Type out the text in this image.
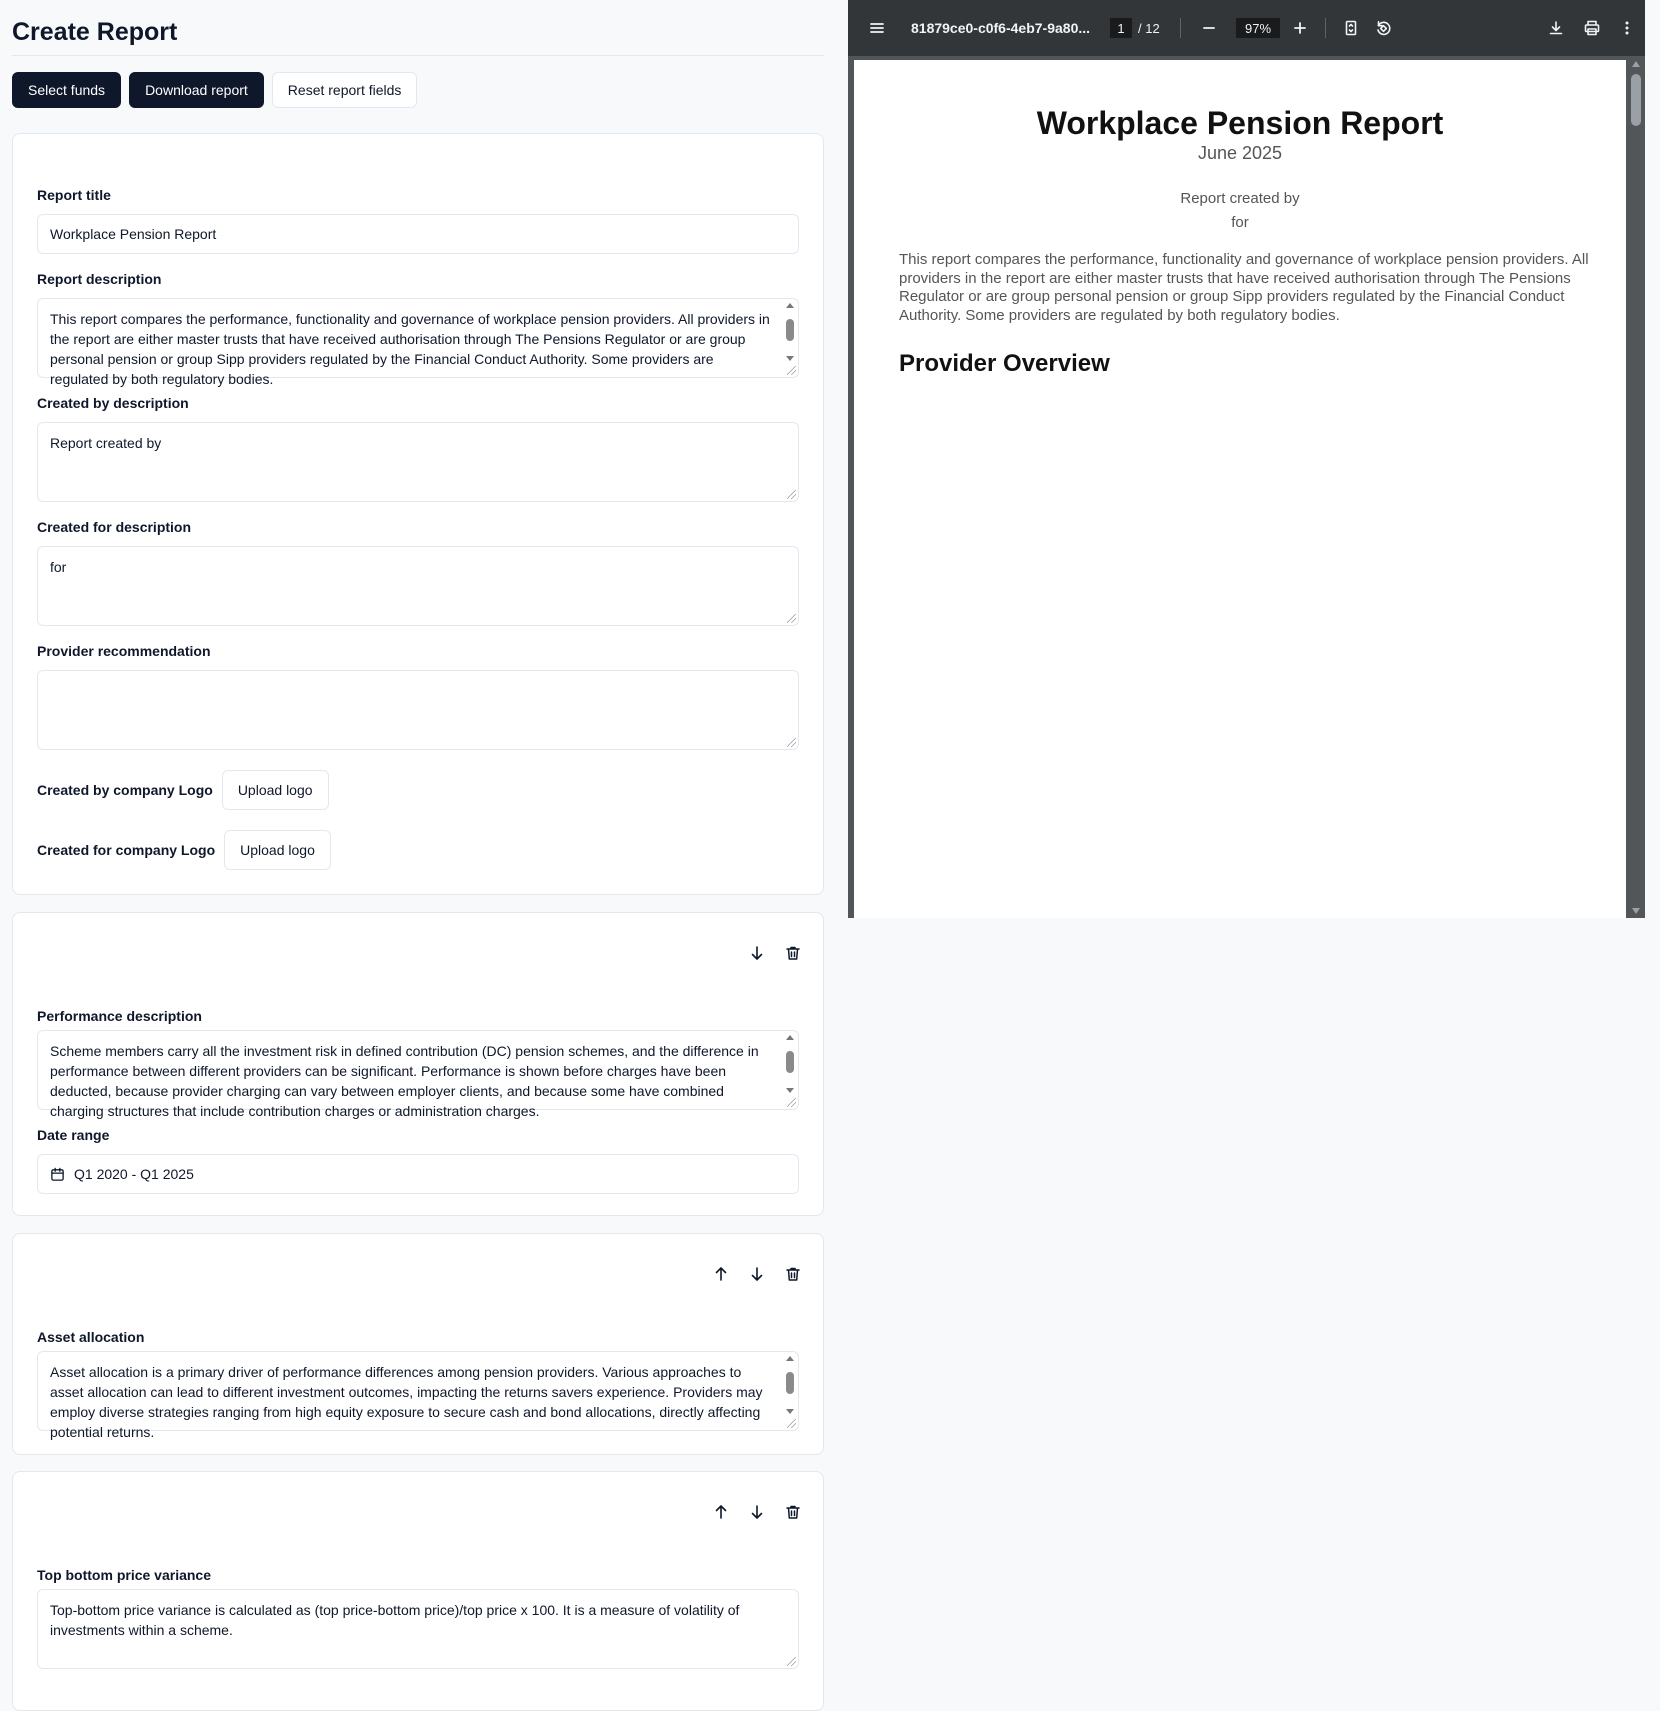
Create Report
Select funds	Download report	Reset report fields
Report title
Workplace Pension Report
Report description
This report compares the performance, functionality and governance of workplace pension providers. All providers in the report are either master trusts that have received authorisation through The Pensions Regulator or are group personal pension or group Sipp providers regulated by the Financial Conduct Authority. Some providers are regulated by both regulatory bodies.
Created by description
Report created by
Created for description
for
Provider recommendation
Created by company Logo	Upload logo
Created for company Logo	Upload logo
Performance description
Scheme members carry all the investment risk in defined contribution (DC) pension schemes, and the difference in performance between different providers can be significant. Performance is shown before charges have been deducted, because provider charging can vary between employer clients, and because some have combined charging structures that include contribution charges or administration charges.
Date range
Q1 2020 - Q1 2025
Asset allocation
Asset allocation is a primary driver of performance differences among pension providers. Various approaches to asset allocation can lead to different investment outcomes, impacting the returns savers experience. Providers may employ diverse strategies ranging from high equity exposure to secure cash and bond allocations, directly affecting potential returns.
Top bottom price variance
Top-bottom price variance is calculated as (top price-bottom price)/top price x 100. It is a measure of volatility of investments within a scheme.
81879ce0-c0f6-4eb7-9a80...	1	/ 12	97%
Workplace Pension Report
June 2025
Report created by
for
This report compares the performance, functionality and governance of workplace pension providers. All providers in the report are either master trusts that have received authorisation through The Pensions Regulator or are group personal pension or group Sipp providers regulated by the Financial Conduct Authority. Some providers are regulated by both regulatory bodies.
Provider Overview
